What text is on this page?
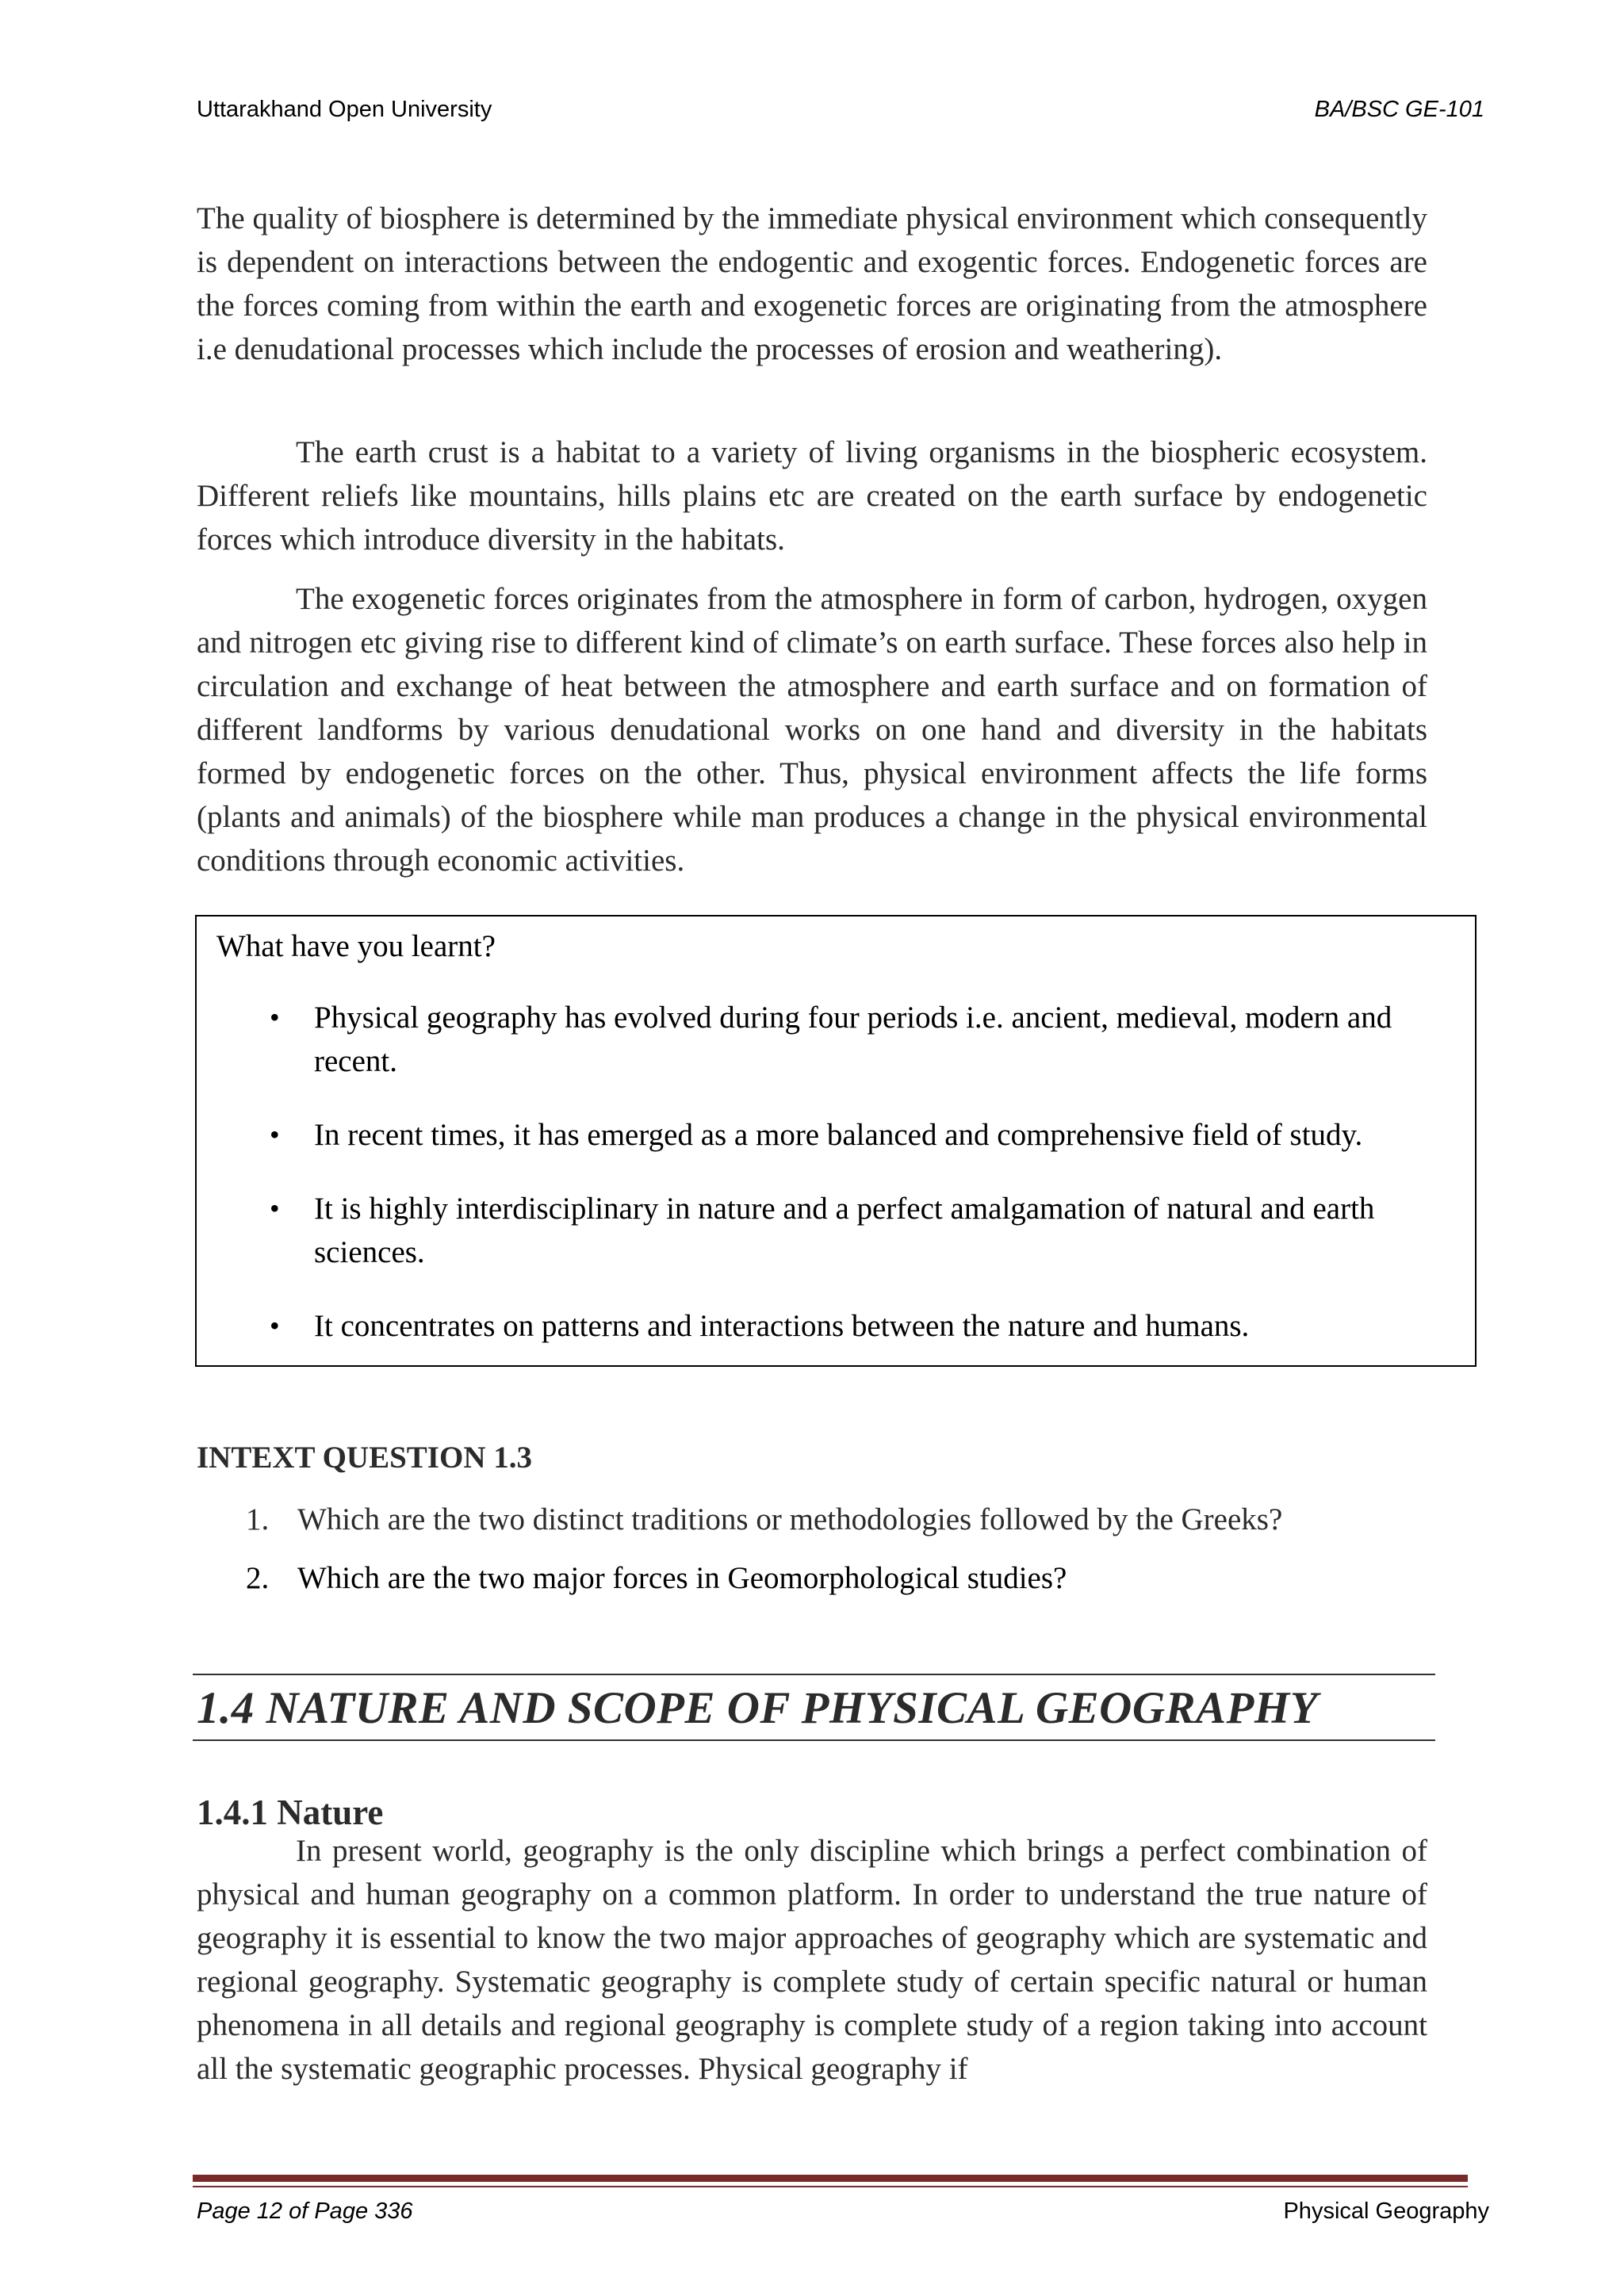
Uttarakhand Open University	BA/BSC GE-101

The quality of biosphere is determined by the immediate physical environment which consequently is dependent on interactions between the endogentic and exogentic forces. Endogenetic forces are the forces coming from within the earth and exogenetic forces are originating from the atmosphere i.e denudational processes which include the processes of erosion and weathering).

The earth crust is a habitat to a variety of living organisms in the biospheric ecosystem. Different reliefs like mountains, hills plains etc are created on the earth surface by endogenetic forces which introduce diversity in the habitats.

The exogenetic forces originates from the atmosphere in form of carbon, hydrogen, oxygen and nitrogen etc giving rise to different kind of climate’s on earth surface. These forces also help in circulation and exchange of heat between the atmosphere and earth surface and on formation of different landforms by various denudational works on one hand and diversity in the habitats formed by endogenetic forces on the other. Thus, physical environment affects the life forms (plants and animals) of the biosphere while man produces a change in the physical environmental conditions through economic activities.

What have you learnt?

• Physical geography has evolved during four periods i.e. ancient, medieval, modern and recent.
• In recent times, it has emerged as a more balanced and comprehensive field of study.
• It is highly interdisciplinary in nature and a perfect amalgamation of natural and earth sciences.
• It concentrates on patterns and interactions between the nature and humans.

INTEXT QUESTION 1.3

1. Which are the two distinct traditions or methodologies followed by the Greeks?
2. Which are the two major forces in Geomorphological studies?
1.4 NATURE AND SCOPE OF PHYSICAL GEOGRAPHY
1.4.1 Nature

In present world, geography is the only discipline which brings a perfect combination of physical and human geography on a common platform. In order to understand the true nature of geography it is essential to know the two major approaches of geography which are systematic and regional geography. Systematic geography is complete study of certain specific natural or human phenomena in all details and regional geography is complete study of a region taking into account all the systematic geographic processes. Physical geography if

Page 12 of Page 336	Physical Geography
